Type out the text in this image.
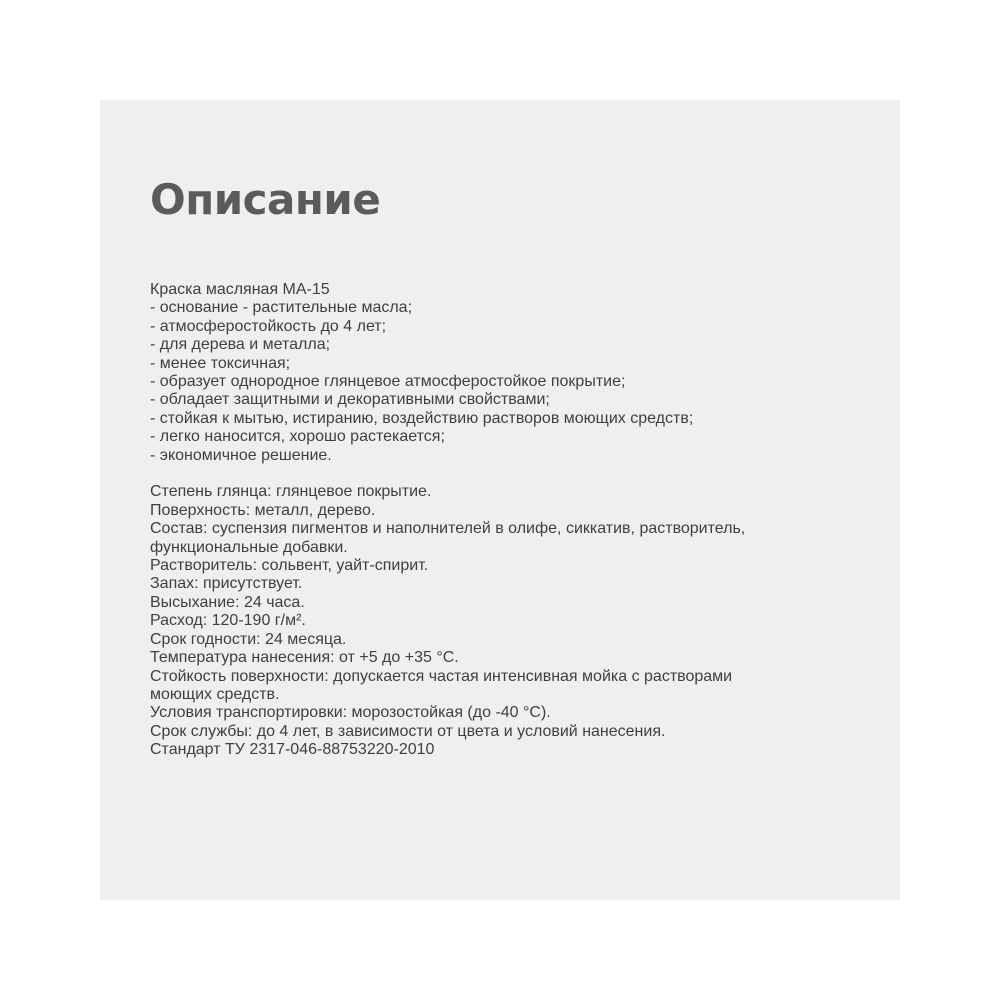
Описание
Краска масляная МА-15
- основание - растительные масла;
- атмосферостойкость до 4 лет;
- для дерева и металла;
- менее токсичная;
- образует однородное глянцевое атмосферостойкое покрытие;
- обладает защитными и декоративными свойствами;
- стойкая к мытью, истиранию, воздействию растворов моющих средств;
- легко наносится, хорошо растекается;
- экономичное решение.
Степень глянца: глянцевое покрытие.
Поверхность: металл, дерево.
Состав: суспензия пигментов и наполнителей в олифе, сиккатив, растворитель,
функциональные добавки.
Растворитель: сольвент, уайт-спирит.
Запах: присутствует.
Высыхание: 24 часа.
Расход: 120-190 г/м².
Срок годности: 24 месяца.
Температура нанесения: от +5 до +35 °С.
Стойкость поверхности: допускается частая интенсивная мойка с растворами
моющих средств.
Условия транспортировки: морозостойкая (до -40 °С).
Срок службы: до 4 лет, в зависимости от цвета и условий нанесения.
Стандарт ТУ 2317-046-88753220-2010
